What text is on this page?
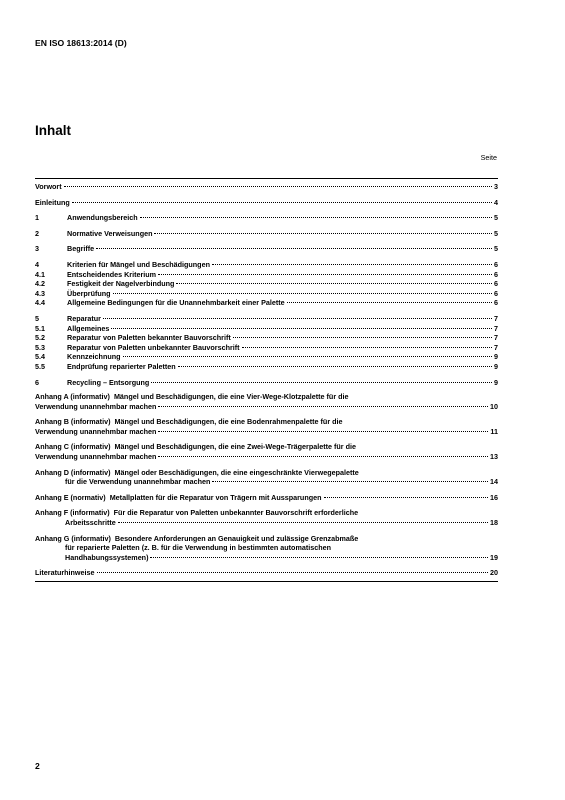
EN ISO 18613:2014 (D)
Inhalt
Seite
Vorwort	3
Einleitung	4
1	Anwendungsbereich	5
2	Normative Verweisungen	5
3	Begriffe	5
4	Kriterien für Mängel und Beschädigungen	6
4.1	Entscheidendes Kriterium	6
4.2	Festigkeit der Nagelverbindung	6
4.3	Überprüfung	6
4.4	Allgemeine Bedingungen für die Unannehmbarkeit einer Palette	6
5	Reparatur	7
5.1	Allgemeines	7
5.2	Reparatur von Paletten bekannter Bauvorschrift	7
5.3	Reparatur von Paletten unbekannter Bauvorschrift	7
5.4	Kennzeichnung	9
5.5	Endprüfung reparierter Paletten	9
6	Recycling – Entsorgung	9
Anhang A (informativ) Mängel und Beschädigungen, die eine Vier-Wege-Klotzpalette für die
Verwendung unannehmbar machen	10
Anhang B (informativ) Mängel und Beschädigungen, die eine Bodenrahmenpalette für die
Verwendung unannehmbar machen	11
Anhang C (informativ) Mängel und Beschädigungen, die eine Zwei-Wege-Trägerpalette für die
Verwendung unannehmbar machen	13
Anhang D (informativ) Mängel oder Beschädigungen, die eine eingeschränkte Vierwegepalette
für die Verwendung unannehmbar machen	14
Anhang E (normativ) Metallplatten für die Reparatur von Trägern mit Aussparungen	16
Anhang F (informativ) Für die Reparatur von Paletten unbekannter Bauvorschrift erforderliche
Arbeitsschritte	18
Anhang G (informativ) Besondere Anforderungen an Genauigkeit und zulässige Grenzabmaße
für reparierte Paletten (z. B. für die Verwendung in bestimmten automatischen
Handhabungssystemen)	19
Literaturhinweise	20
2
